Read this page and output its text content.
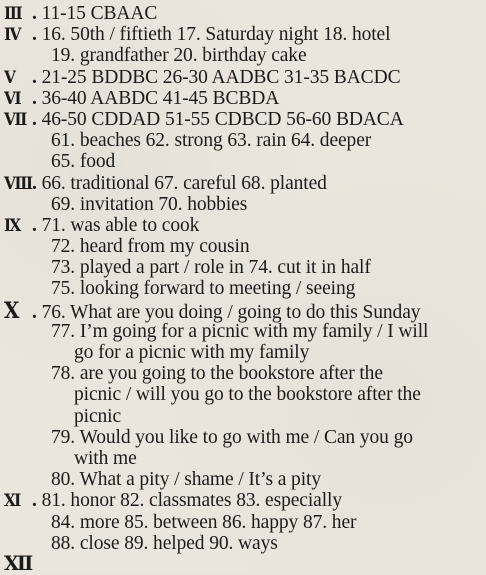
Ⅲ . 11-15 CBAAC
Ⅳ . 16. 50th / fiftieth 17. Saturday night 18. hotel
19. grandfather 20. birthday cake
Ⅴ . 21-25 BDDBC 26-30 AADBC 31-35 BACDC
Ⅵ . 36-40 AABDC 41-45 BCBDA
Ⅶ . 46-50 CDDAD 51-55 CDBCD 56-60 BDACA
61. beaches 62. strong 63. rain 64. deeper
65. food
Ⅷ. 66. traditional 67. careful 68. planted
69. invitation 70. hobbies
Ⅸ . 71. was able to cook
72. heard from my cousin
73. played a part / role in 74. cut it in half
75. looking forward to meeting / seeing
Ⅹ . 76. What are you doing / going to do this Sunday
77. I’m going for a picnic with my family / I will
go for a picnic with my family
78. are you going to the bookstore after the
picnic / will you go to the bookstore after the
picnic
79. Would you like to go with me / Can you go
with me
80. What a pity / shame / It’s a pity
Ⅺ . 81. honor 82. classmates 83. especially
84. more 85. between 86. happy 87. her
88. close 89. helped 90. ways
Ⅻ
